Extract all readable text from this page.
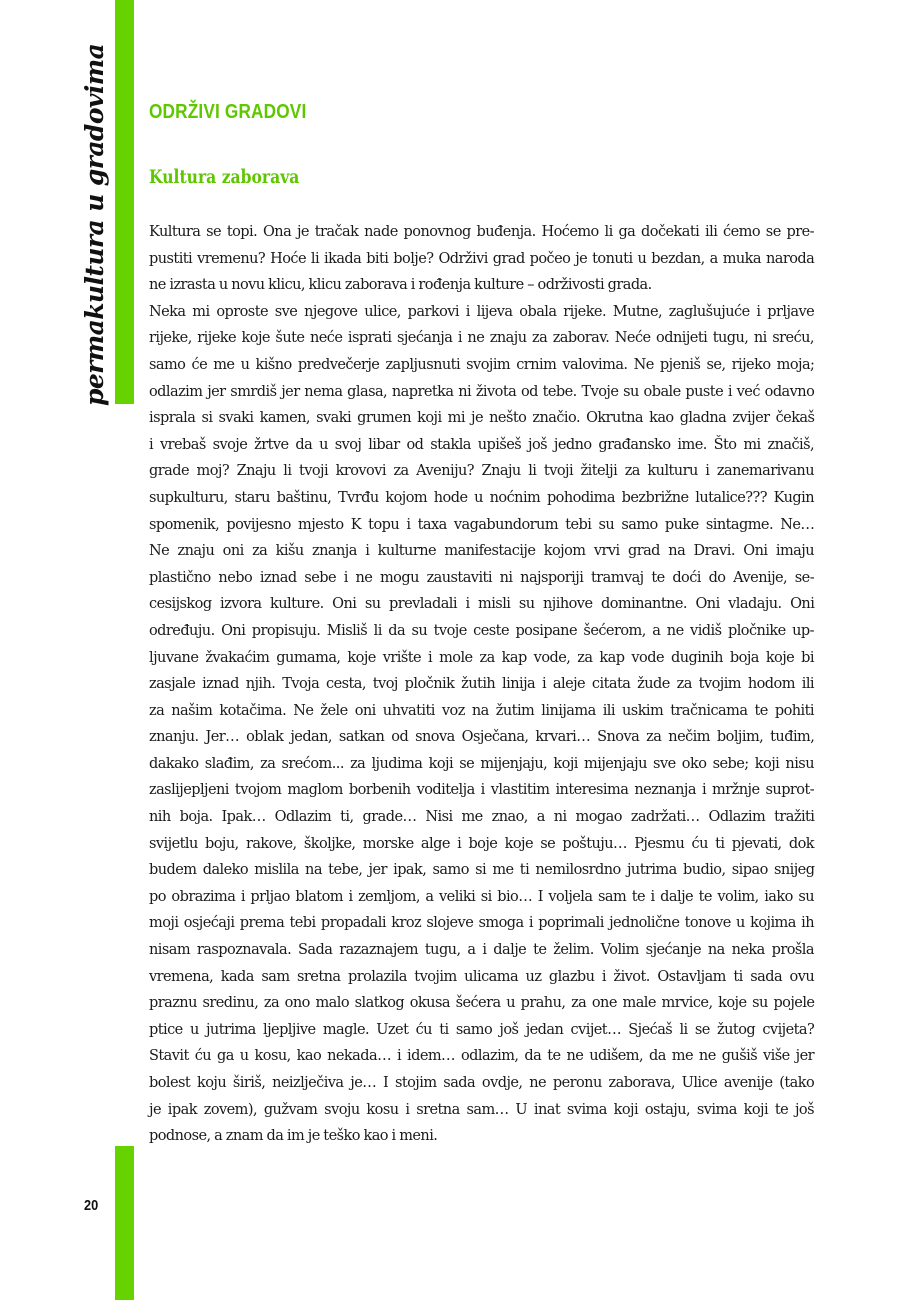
permakultura u gradovima
20
ODRŽIVI GRADOVI
Kultura zaborava
Kultura se topi. Ona je tračak nade ponovnog buđenja. Hoćemo li ga dočekati ili ćemo se pre-
pustiti vremenu? Hoće li ikada biti bolje? Održivi grad počeo je tonuti u bezdan, a muka naroda
ne izrasta u novu klicu, klicu zaborava i rođenja kulture – održivosti grada.
Neka mi oproste sve njegove ulice, parkovi i lijeva obala rijeke. Mutne, zaglušujuće i prljave
rijeke, rijeke koje šute neće isprati sjećanja i ne znaju za zaborav. Neće odnijeti tugu, ni sreću,
samo će me u kišno predvečerje zapljusnuti svojim crnim valovima. Ne pjeniš se, rijeko moja;
odlazim jer smrdiš jer nema glasa, napretka ni života od tebe. Tvoje su obale puste i već odavno
isprala si svaki kamen, svaki grumen koji mi je nešto značio. Okrutna kao gladna zvijer čekaš
i vrebaš svoje žrtve da u svoj libar od stakla upišeš još jedno građansko ime. Što mi značiš,
grade moj? Znaju li tvoji krovovi za Aveniju? Znaju li tvoji žitelji za kulturu i zanemarivanu
supkulturu, staru baštinu, Tvrđu kojom hode u noćnim pohodima bezbrižne lutalice??? Kugin
spomenik, povijesno mjesto K topu i taxa vagabundorum tebi su samo puke sintagme. Ne…
Ne znaju oni za kišu znanja i kulturne manifestacije kojom vrvi grad na Dravi. Oni imaju
plastično nebo iznad sebe i ne mogu zaustaviti ni najsporiji tramvaj te doći do Avenije, se-
cesijskog izvora kulture. Oni su prevladali i misli su njihove dominantne. Oni vladaju. Oni
određuju. Oni propisuju. Misliš li da su tvoje ceste posipane šećerom, a ne vidiš pločnike up-
ljuvane žvakaćim gumama, koje vrište i mole za kap vode, za kap vode duginih boja koje bi
zasjale iznad njih. Tvoja cesta, tvoj pločnik žutih linija i aleje citata žude za tvojim hodom ili
za našim kotačima. Ne žele oni uhvatiti voz na žutim linijama ili uskim tračnicama te pohiti
znanju. Jer… oblak jedan, satkan od snova Osječana, krvari… Snova za nečim boljim, tuđim,
dakako slađim, za srećom... za ljudima koji se mijenjaju, koji mijenjaju sve oko sebe; koji nisu
zaslijepljeni tvojom maglom borbenih voditelja i vlastitim interesima neznanja i mržnje suprot-
nih boja. Ipak… Odlazim ti, grade… Nisi me znao, a ni mogao zadržati… Odlazim tražiti
svijetlu boju, rakove, školjke, morske alge i boje koje se poštuju… Pjesmu ću ti pjevati, dok
budem daleko mislila na tebe, jer ipak, samo si me ti nemilosrdno jutrima budio, sipao snijeg
po obrazima i prljao blatom i zemljom, a veliki si bio… I voljela sam te i dalje te volim, iako su
moji osjećaji prema tebi propadali kroz slojeve smoga i poprimali jednolične tonove u kojima ih
nisam raspoznavala. Sada razaznajem tugu, a i dalje te želim. Volim sjećanje na neka prošla
vremena, kada sam sretna prolazila tvojim ulicama uz glazbu i život. Ostavljam ti sada ovu
praznu sredinu, za ono malo slatkog okusa šećera u prahu, za one male mrvice, koje su pojele
ptice u jutrima ljepljive magle. Uzet ću ti samo još jedan cvijet… Sjećaš li se žutog cvijeta?
Stavit ću ga u kosu, kao nekada… i idem… odlazim, da te ne udišem, da me ne gušiš više jer
bolest koju širiš, neizlječiva je… I stojim sada ovdje, ne peronu zaborava, Ulice avenije (tako
je ipak zovem), gužvam svoju kosu i sretna sam… U inat svima koji ostaju, svima koji te još
podnose, a znam da im je teško kao i meni.
